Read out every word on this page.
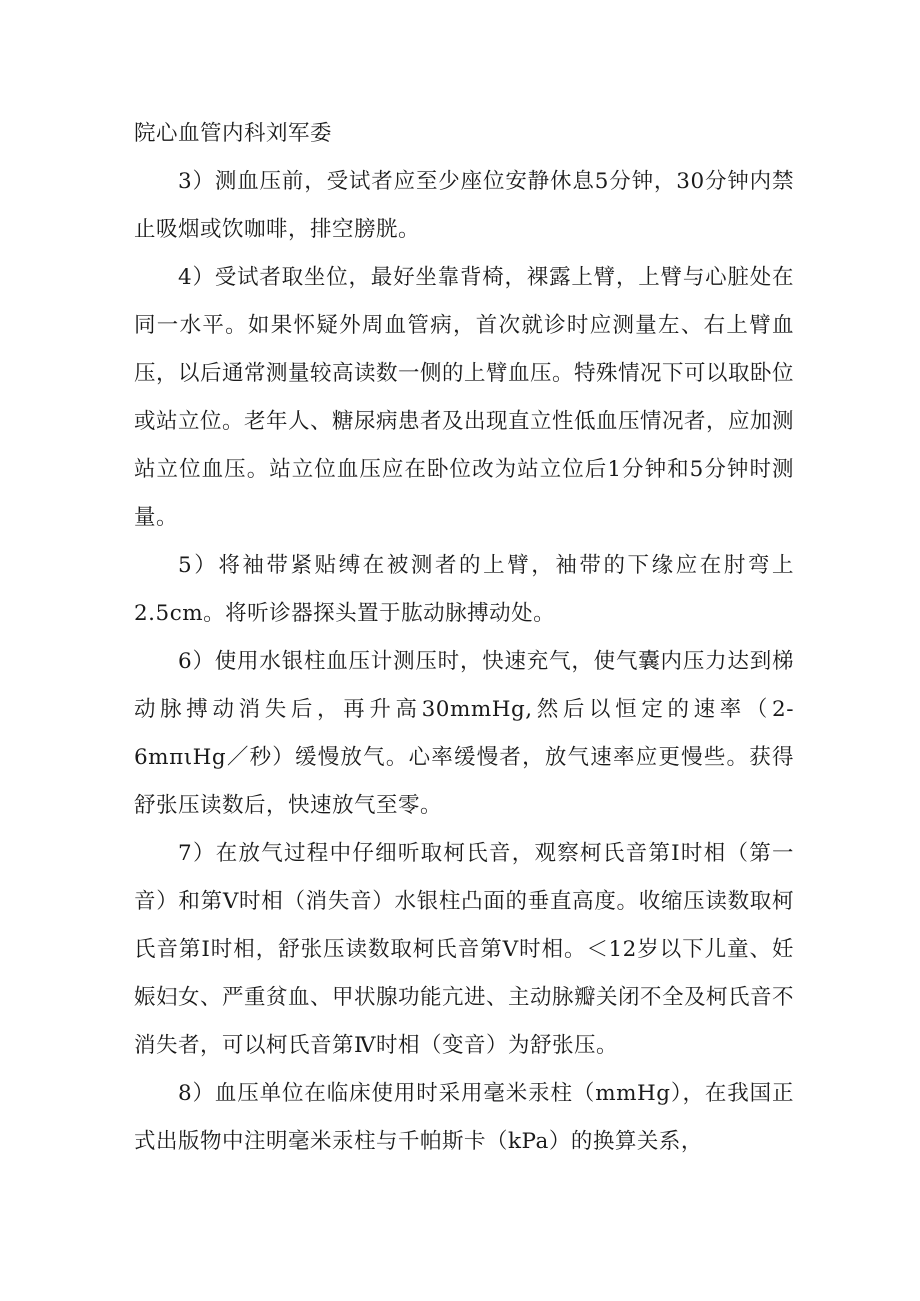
院心血管内科刘军委

3）测血压前，受试者应至少座位安静休息5分钟，30分钟内禁止吸烟或饮咖啡，排空膀胱。

4）受试者取坐位，最好坐靠背椅，裸露上臂，上臂与心脏处在同一水平。如果怀疑外周血管病，首次就诊时应测量左、右上臂血压，以后通常测量较高读数一侧的上臂血压。特殊情况下可以取卧位或站立位。老年人、糖尿病患者及出现直立性低血压情况者，应加测站立位血压。站立位血压应在卧位改为站立位后1分钟和5分钟时测量。

5）将袖带紧贴缚在被测者的上臂，袖带的下缘应在肘弯上2.5cm。将听诊器探头置于肱动脉搏动处。

6）使用水银柱血压计测压时，快速充气，使气囊内压力达到梯动脉搏动消失后，再升高30mmHg,然后以恒定的速率（2-6mπιHg／秒）缓慢放气。心率缓慢者，放气速率应更慢些。获得舒张压读数后，快速放气至零。

7）在放气过程中仔细听取柯氏音，观察柯氏音第Ⅰ时相（第一音）和第Ⅴ时相（消失音）水银柱凸面的垂直高度。收缩压读数取柯氏音第Ⅰ时相，舒张压读数取柯氏音第Ⅴ时相。＜12岁以下儿童、妊娠妇女、严重贫血、甲状腺功能亢进、主动脉瓣关闭不全及柯氏音不消失者，可以柯氏音第Ⅳ时相（变音）为舒张压。

8）血压单位在临床使用时采用毫米汞柱（mmHg），在我国正式出版物中注明毫米汞柱与千帕斯卡（kPa）的换算关系，
